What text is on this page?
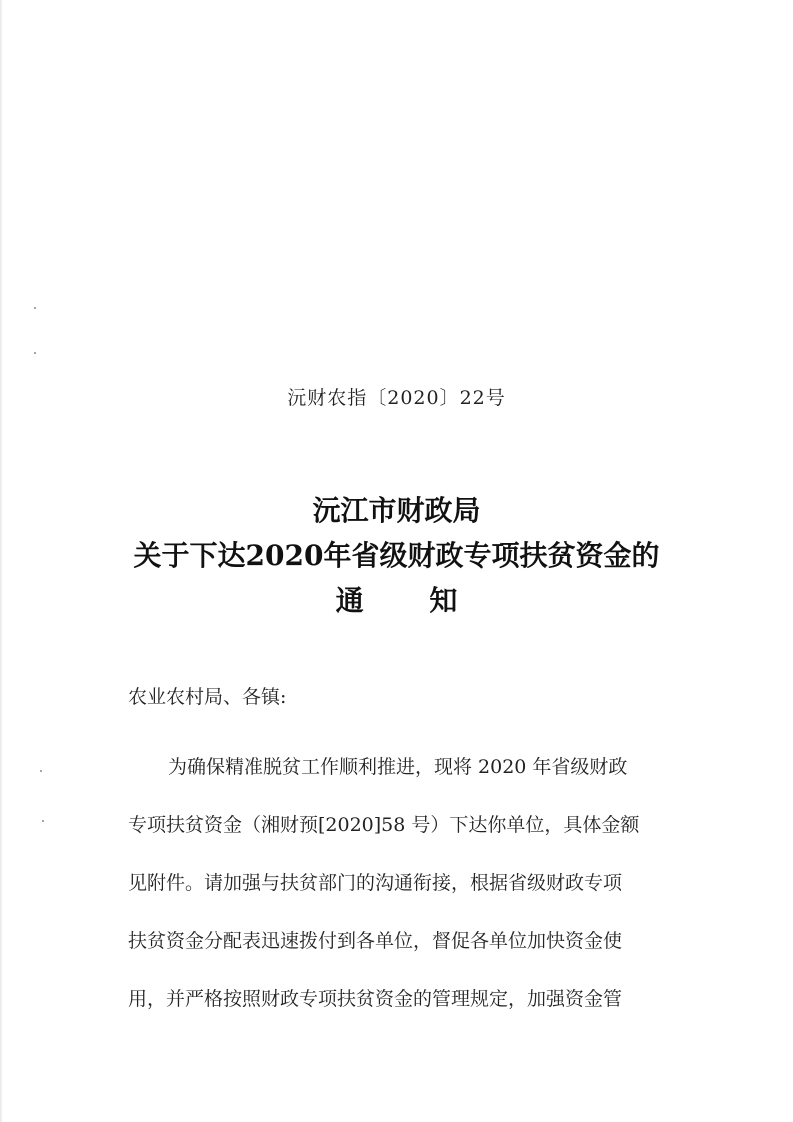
沅财农指〔2020〕22号
沅江市财政局
关于下达2020年省级财政专项扶贫资金的
通 知
农业农村局、各镇:
为确保精准脱贫工作顺利推进，现将 2020 年省级财政
专项扶贫资金（湘财预[2020]58 号）下达你单位，具体金额
见附件。请加强与扶贫部门的沟通衔接，根据省级财政专项
扶贫资金分配表迅速拨付到各单位，督促各单位加快资金使
用，并严格按照财政专项扶贫资金的管理规定，加强资金管
